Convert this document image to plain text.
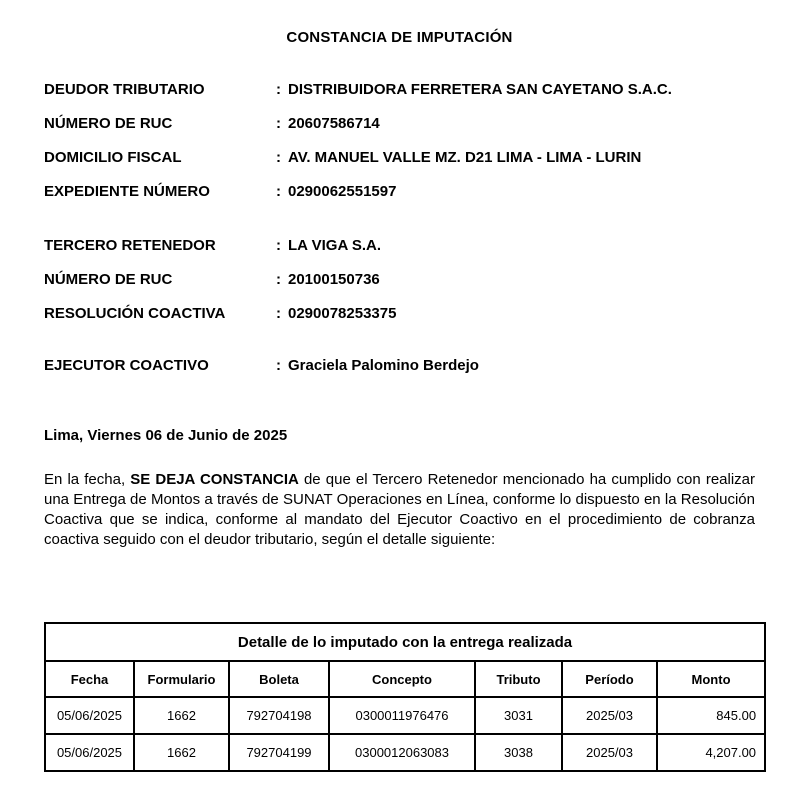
CONSTANCIA DE IMPUTACIÓN
DEUDOR TRIBUTARIO	: DISTRIBUIDORA FERRETERA SAN CAYETANO S.A.C.
NÚMERO DE RUC	: 20607586714
DOMICILIO FISCAL	: AV. MANUEL VALLE MZ. D21 LIMA - LIMA - LURIN
EXPEDIENTE NÚMERO	: 0290062551597
TERCERO RETENEDOR	: LA VIGA S.A.
NÚMERO DE RUC	: 20100150736
RESOLUCIÓN COACTIVA	: 0290078253375
EJECUTOR COACTIVO	: Graciela Palomino Berdejo
Lima, Viernes 06 de Junio de 2025

En la fecha, SE DEJA CONSTANCIA de que el Tercero Retenedor mencionado ha cumplido con realizar una Entrega de Montos a través de SUNAT Operaciones en Línea, conforme lo dispuesto en la Resolución Coactiva que se indica, conforme al mandato del Ejecutor Coactivo en el procedimiento de cobranza coactiva seguido con el deudor tributario, según el detalle siguiente:

Detalle de lo imputado con la entrega realizada						
Fecha	Formulario	Boleta	Concepto	Tributo	Período	Monto
05/06/2025	1662	792704198	0300011976476	3031	2025/03	845.00
05/06/2025	1662	792704199	0300012063083	3038	2025/03	4,207.00
